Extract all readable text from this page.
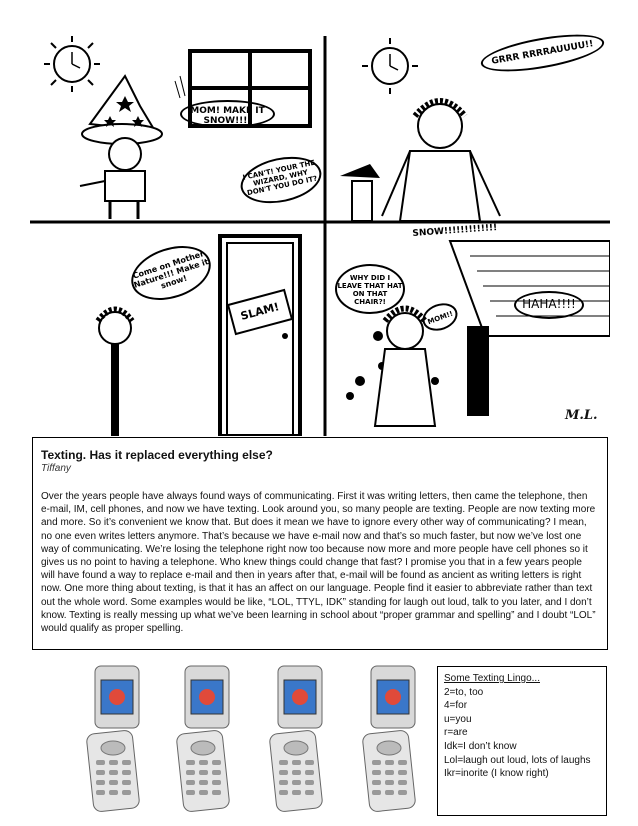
MOM! MAKE IT SNOW!!!!
I CAN'T! YOUR THE WIZARD, WHY DON'T YOU DO IT?
GRRR RRRRAUUUU!!
Come on Mother Nature!!! Make it snow!
SLAM!
SNOW!!!!!!!!!!!!!
WHY DID I LEAVE THAT HAT ON THAT CHAIR?!
MOM!!
HAHA!!!!
M.L.
Texting. Has it replaced everything else?
Tiffany

Over the years people have always found ways of communicating. First it was writing letters, then came the telephone, then e-mail, IM, cell phones, and now we have texting. Look around you, so many people are texting. People are now texting more and more. So it’s convenient we know that. But does it mean we have to ignore every other way of communicating? I mean, no one even writes letters anymore. That’s because we have e-mail now and that’s so much faster, but now we’ve lost one way of communicating. We’re losing the telephone right now too because now more and more people have cell phones so it gives us no point to having a telephone. Who knew things could change that fast? I promise you that in a few years people will have found a way to replace e-mail and then in years after that, e-mail will be found as ancient as writing letters is right now. One more thing about texting, is that it has an affect on our language. People find it easier to abbreviate rather than text out the whole word. Some examples would be like, “LOL, TTYL, IDK” standing for laugh out loud, talk to you later, and I don’t know. Texting is really messing up what we’ve been learning in school about “proper grammar and spelling” and I doubt “LOL” would qualify as proper spelling.

Some Texting Lingo...
2=to, too
4=for
u=you
r=are
Idk=I don’t know
Lol=laugh out loud, lots of laughs
Ikr=inorite (I know right)
